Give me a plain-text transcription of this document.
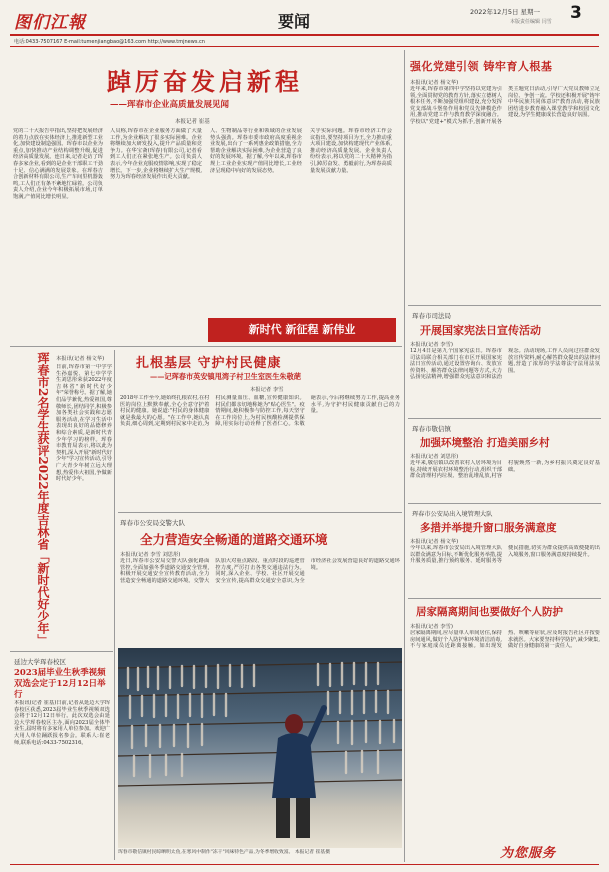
图们江報	要闻	2022年12月5日 星期一
本版责任编辑 闫雪 3
电话:0433-7507167 E-mail:tumenjiangbao@163.com http://www.tmjnews.cn
踔厉奋发启新程
——珲春市企业高质量发展见闻
本报记者 崔基
党的二十大报告中指出,坚持把发展经济的着力点放在实体经济上,推进新型工业化,加快建设制造强国。珲春市以企业为重点,加快推动产业结构调整升级,促进经济高质量发展。连日来,记者走访了珲春多家企业,看到的是企业干部职工干劲十足、信心满满的发展景象。在珲春吉合创新材料有限公司,生产车间里机器轰鸣,工人们正有条不紊地忙碌着。公司负责人介绍,企业今年积极拓展市场,订单饱满,产值同比增长明显。
人员称,珲春市在企业服务方面做了大量工作,为企业解决了很多实际困难。企业将继续加大研发投入,提升产品质量和竞争力。在华宝斋(珲春)有限公司,记者看到工人们正在紧张地生产。公司负责人表示,今年企业克服疫情影响,实现了稳定增长。下一步,企业将继续扩大生产规模,努力为珲春经济发展作出更大贡献。
人、生物制品等行业和领域的企业发展势头强劲。珲春市委市政府高度重视企业发展,出台了一系列惠企政策措施,全力帮助企业解决实际困难,为企业营造了良好的发展环境。据了解,今年以来,珲春市规上工业企业实现产值同比增长,工业经济呈现稳中向好的发展态势。
关乎实际问题。珲春市经济工作会议指出,要坚持项目为王,全力推动重大项目建设,加快构建现代产业体系,推动经济高质量发展。企业负责人纷纷表示,将以党的二十大精神为指引,踔厉奋发、勇毅前行,为珲春高质量发展贡献力量。
新时代 新征程 新伟业
珲春市2名学生获评2022年度吉林省「新时代好少年」 本报讯(记者 杨文华)
日前,珲春市第一中学学生孙嘉悦、第七中学学生刘思彤荣获2022年度吉林省"新时代好少年"荣誉称号。据了解,她们品学兼优,热爱祖国,尊敬师长,团结同学,积极参加各类社会实践和志愿服务活动,在学习生活中表现出良好的品德修养和综合素质,是新时代青少年学习的榜样。珲春市教育局表示,将以此为契机,深入开展"新时代好少年"学习宣传活动,引导广大青少年树立远大理想,热爱伟大祖国,争做新时代好少年。
延边大学珲春校区
2023届毕业生秋季视频双选会定于12月12日举行
本报讯(记者 崔基)日前,记者从延边大学珲春校区获悉,2023届毕业生秋季视频双选会将于12月12日举行。此次双选会由延边大学珲春校区主办,面向2023届全体毕业生,届时将有多家用人单位参加。欢迎广大用人单位踊跃报名参会。联系人:崔老师,联系电话:0433-7502316。
扎根基层 守护村民健康
——记珲春市英安镇甩湾子村卫生室医生朱敬葩
本报记者 李雪
2018年工作至今,她始终扎根农村,在村医的岗位上默默奉献,全心全意守护着村民的健康。她说道:"村民的身体健康就是我最大的心愿。"在工作中,她认真负责,细心周到,定期到村民家中走访,为村民测量血压、血糖,宣传健康知识。村民们都亲切地称她为"贴心医生"。疫情期间,她积极参与防控工作,每天坚守在工作岗位上,为村民核酸检测提供保障,用实际行动诠释了医者仁心。朱敬葩表示,今后将继续努力工作,提高业务水平,为守护村民健康贡献自己的力量。
珲春市公安局交警大队
全力营造安全畅通的道路交通环境
本报讯(记者 李雪 刘思彤)
近日,珲春市公安局交警大队强化路面管控,全面加强冬季道路交通安全管理,积极开展交通安全宣传教育活动,全力营造安全畅通的道路交通环境。交警大队加大对重点路段、重点时段的巡逻管控力度,严厉打击各类交通违法行为。同时,深入企业、学校、社区开展交通安全宣传,提高群众交通安全意识,为全市经济社会发展营造良好的道路交通环境。
珲春市敬信镇村民晾晒明太鱼,在寒风中制作"冻干"风味特色产品,为冬季增收致富。 本报记者 崔基摄
强化党建引领 铸牢育人根基
本报讯(记者 杨文华)
近年来,珲春市第四中学坚持以党建为引领,全面贯彻党的教育方针,落实立德树人根本任务,不断加强党组织建设,充分发挥党支部战斗堡垒作用和党员先锋模范作用,推动党建工作与教育教学深度融合。学校以"党建+"模式为抓手,创新开展各类主题党日活动,引导广大党员教师立足岗位、争创一流。学校还积极开展"铸牢中华民族共同体意识"教育活动,将民族团结进步教育融入课堂教学和校园文化建设,为学生健康成长营造良好氛围。
珲春市司法局
开展国家宪法日宣传活动
本报讯(记者 李雪)
12月4日是第九个国家宪法日。珲春市司法局联合相关部门在市区开展国家宪法日宣传活动,通过设置咨询台、发放宣传资料、解答群众法律问题等方式,大力弘扬宪法精神,增强群众宪法意识和法治观念。活动现场,工作人员向过往群众发放宣传资料,耐心解答群众提出的法律问题,营造了浓厚的学法尊法守法用法氛围。
珲春市敬信镇
加强环境整治 打造美丽乡村
本报讯(记者 刘思彤)
近年来,敬信镇以改善农村人居环境为目标,持续开展农村环境整治行动,组织干部群众清理村内垃圾、整治乱堆乱放,村容村貌焕然一新,为乡村振兴奠定良好基础。
珲春市公安局出入境管理大队
多措并举提升窗口服务满意度
本报讯(记者 杨文华)
今年以来,珲春市公安局出入境管理大队以群众满意为目标,不断优化服务举措,提升服务质量,推行预约服务、延时服务等便民措施,切实为群众提供高效便捷的出入境服务,窗口服务满意度持续提升。
居家隔离期间也要做好个人防护
本报讯(记者 李雪)
居家隔离期间,应尽量单人单间居住,保持房间通风,做好个人防护和环境清洁消毒,不与家庭成员近距离接触。如出现发热、咳嗽等症状,应及时报告社区并按要求就医。大家要坚持科学防护,减少聚集,做好自身健康的第一责任人。
为您服务
